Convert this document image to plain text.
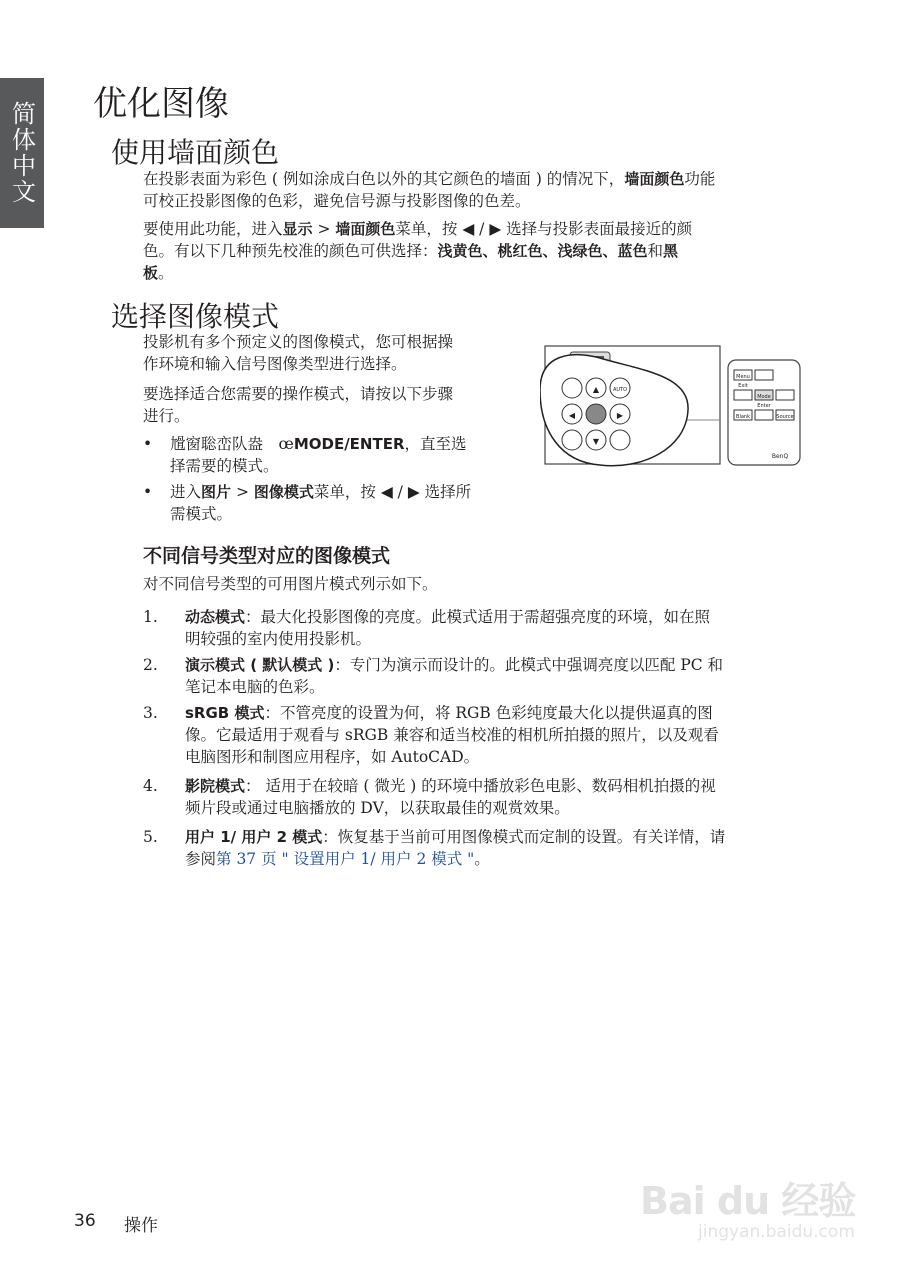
简体中文 优化图像
使用墙面颜色

在投影表面为彩色 ( 例如涂成白色以外的其它颜色的墙面 ) 的情况下，墙面颜色功能
可校正投影图像的色彩，避免信号源与投影图像的色差。

要使用此功能，进入显示 > 墙面颜色菜单，按 ◀ / ▶ 选择与投影表面最接近的颜
色。有以下几种预先校准的颜色可供选择：浅黄色、桃红色、浅绿色、蓝色和黑
板。

选择图像模式

投影机有多个预定义的图像模式，您可根据操
作环境和输入信号图像类型进行选择。

要选择适合您需要的操作模式，请按以下步骤
进行。

• 尳窗聡峦队盎　œMODE/ENTER，直至选
择需要的模式。
• 进入图片 > 图像模式菜单，按 ◀ / ▶ 选择所
需模式。
▲	AUTO
◀	▶
▼
Menu
Exit
Mode
Enter
Blank	Source
BenQ
不同信号类型对应的图像模式

对不同信号类型的可用图片模式列示如下。

1.	动态模式：最大化投影图像的亮度。此模式适用于需超强亮度的环境，如在照
明较强的室内使用投影机。
2.	演示模式 ( 默认模式 )：专门为演示而设计的。此模式中强调亮度以匹配 PC 和
笔记本电脑的色彩。
3.	sRGB 模式：不管亮度的设置为何，将 RGB 色彩纯度最大化以提供逼真的图
像。它最适用于观看与 sRGB 兼容和适当校准的相机所拍摄的照片，以及观看
电脑图形和制图应用程序，如 AutoCAD。
4.	影院模式： 适用于在较暗 ( 微光 ) 的环境中播放彩色电影、数码相机拍摄的视
频片段或通过电脑播放的 DV，以获取最佳的观赏效果。
5.	用户 1/ 用户 2 模式：恢复基于当前可用图像模式而定制的设置。有关详情，请
参阅第 37 页 " 设置用户 1/ 用户 2 模式 "。
36 操作
Bai du 经验
jingyan.baidu.com
